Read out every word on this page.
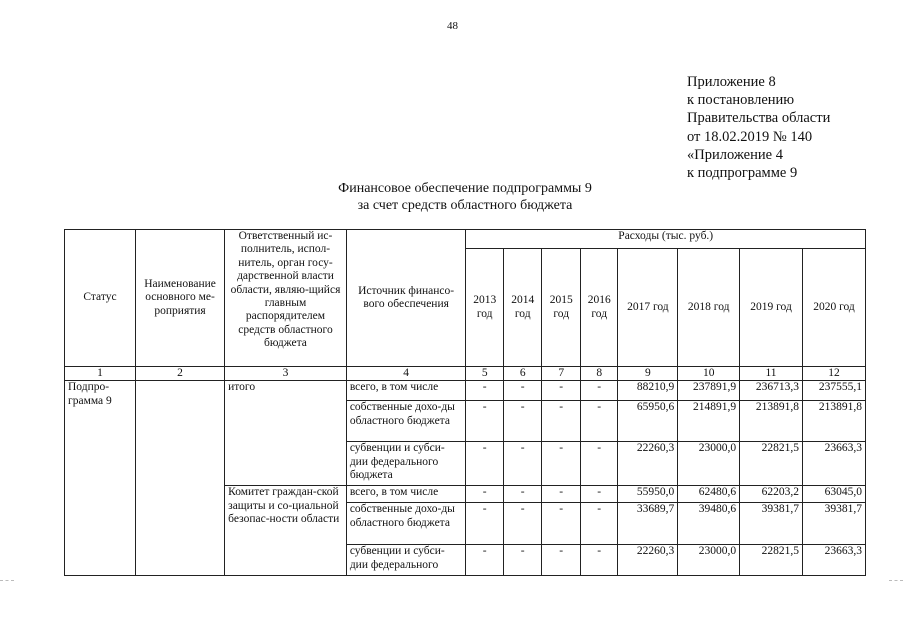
48
Приложение 8
к постановлению
Правительства области
от 18.02.2019 № 140
«Приложение 4
к подпрограмме 9
Финансовое обеспечение подпрограммы 9
за счет средств областного бюджета
Статус	Наименование основного ме-роприятия	Ответственный ис-полнитель, испол-нитель, орган госу-дарственной власти области, являю-щийся главным распорядителем средств областного бюджета	Источник финансо-вого обеспечения	Расходы (тыс. руб.)							
				2013 год	2014 год	2015 год	2016 год	2017 год	2018 год	2019 год	2020 год
1	2	3	4	5	6	7	8	9	10	11	12
Подпро-грамма 9		итого	всего, в том числе	-	-	-	-	88210,9	237891,9	236713,3	237555,1
			собственные дохо-ды областного бюджета	-	-	-	-	65950,6	214891,9	213891,8	213891,8
			субвенции и субси-дии федерального бюджета	-	-	-	-	22260,3	23000,0	22821,5	23663,3
		Комитет граждан-ской защиты и со-циальной безопас-ности области	всего, в том числе	-	-	-	-	55950,0	62480,6	62203,2	63045,0
			собственные дохо-ды областного бюджета	-	-	-	-	33689,7	39480,6	39381,7	39381,7
			субвенции и субси-дии федерального	-	-	-	-	22260,3	23000,0	22821,5	23663,3
